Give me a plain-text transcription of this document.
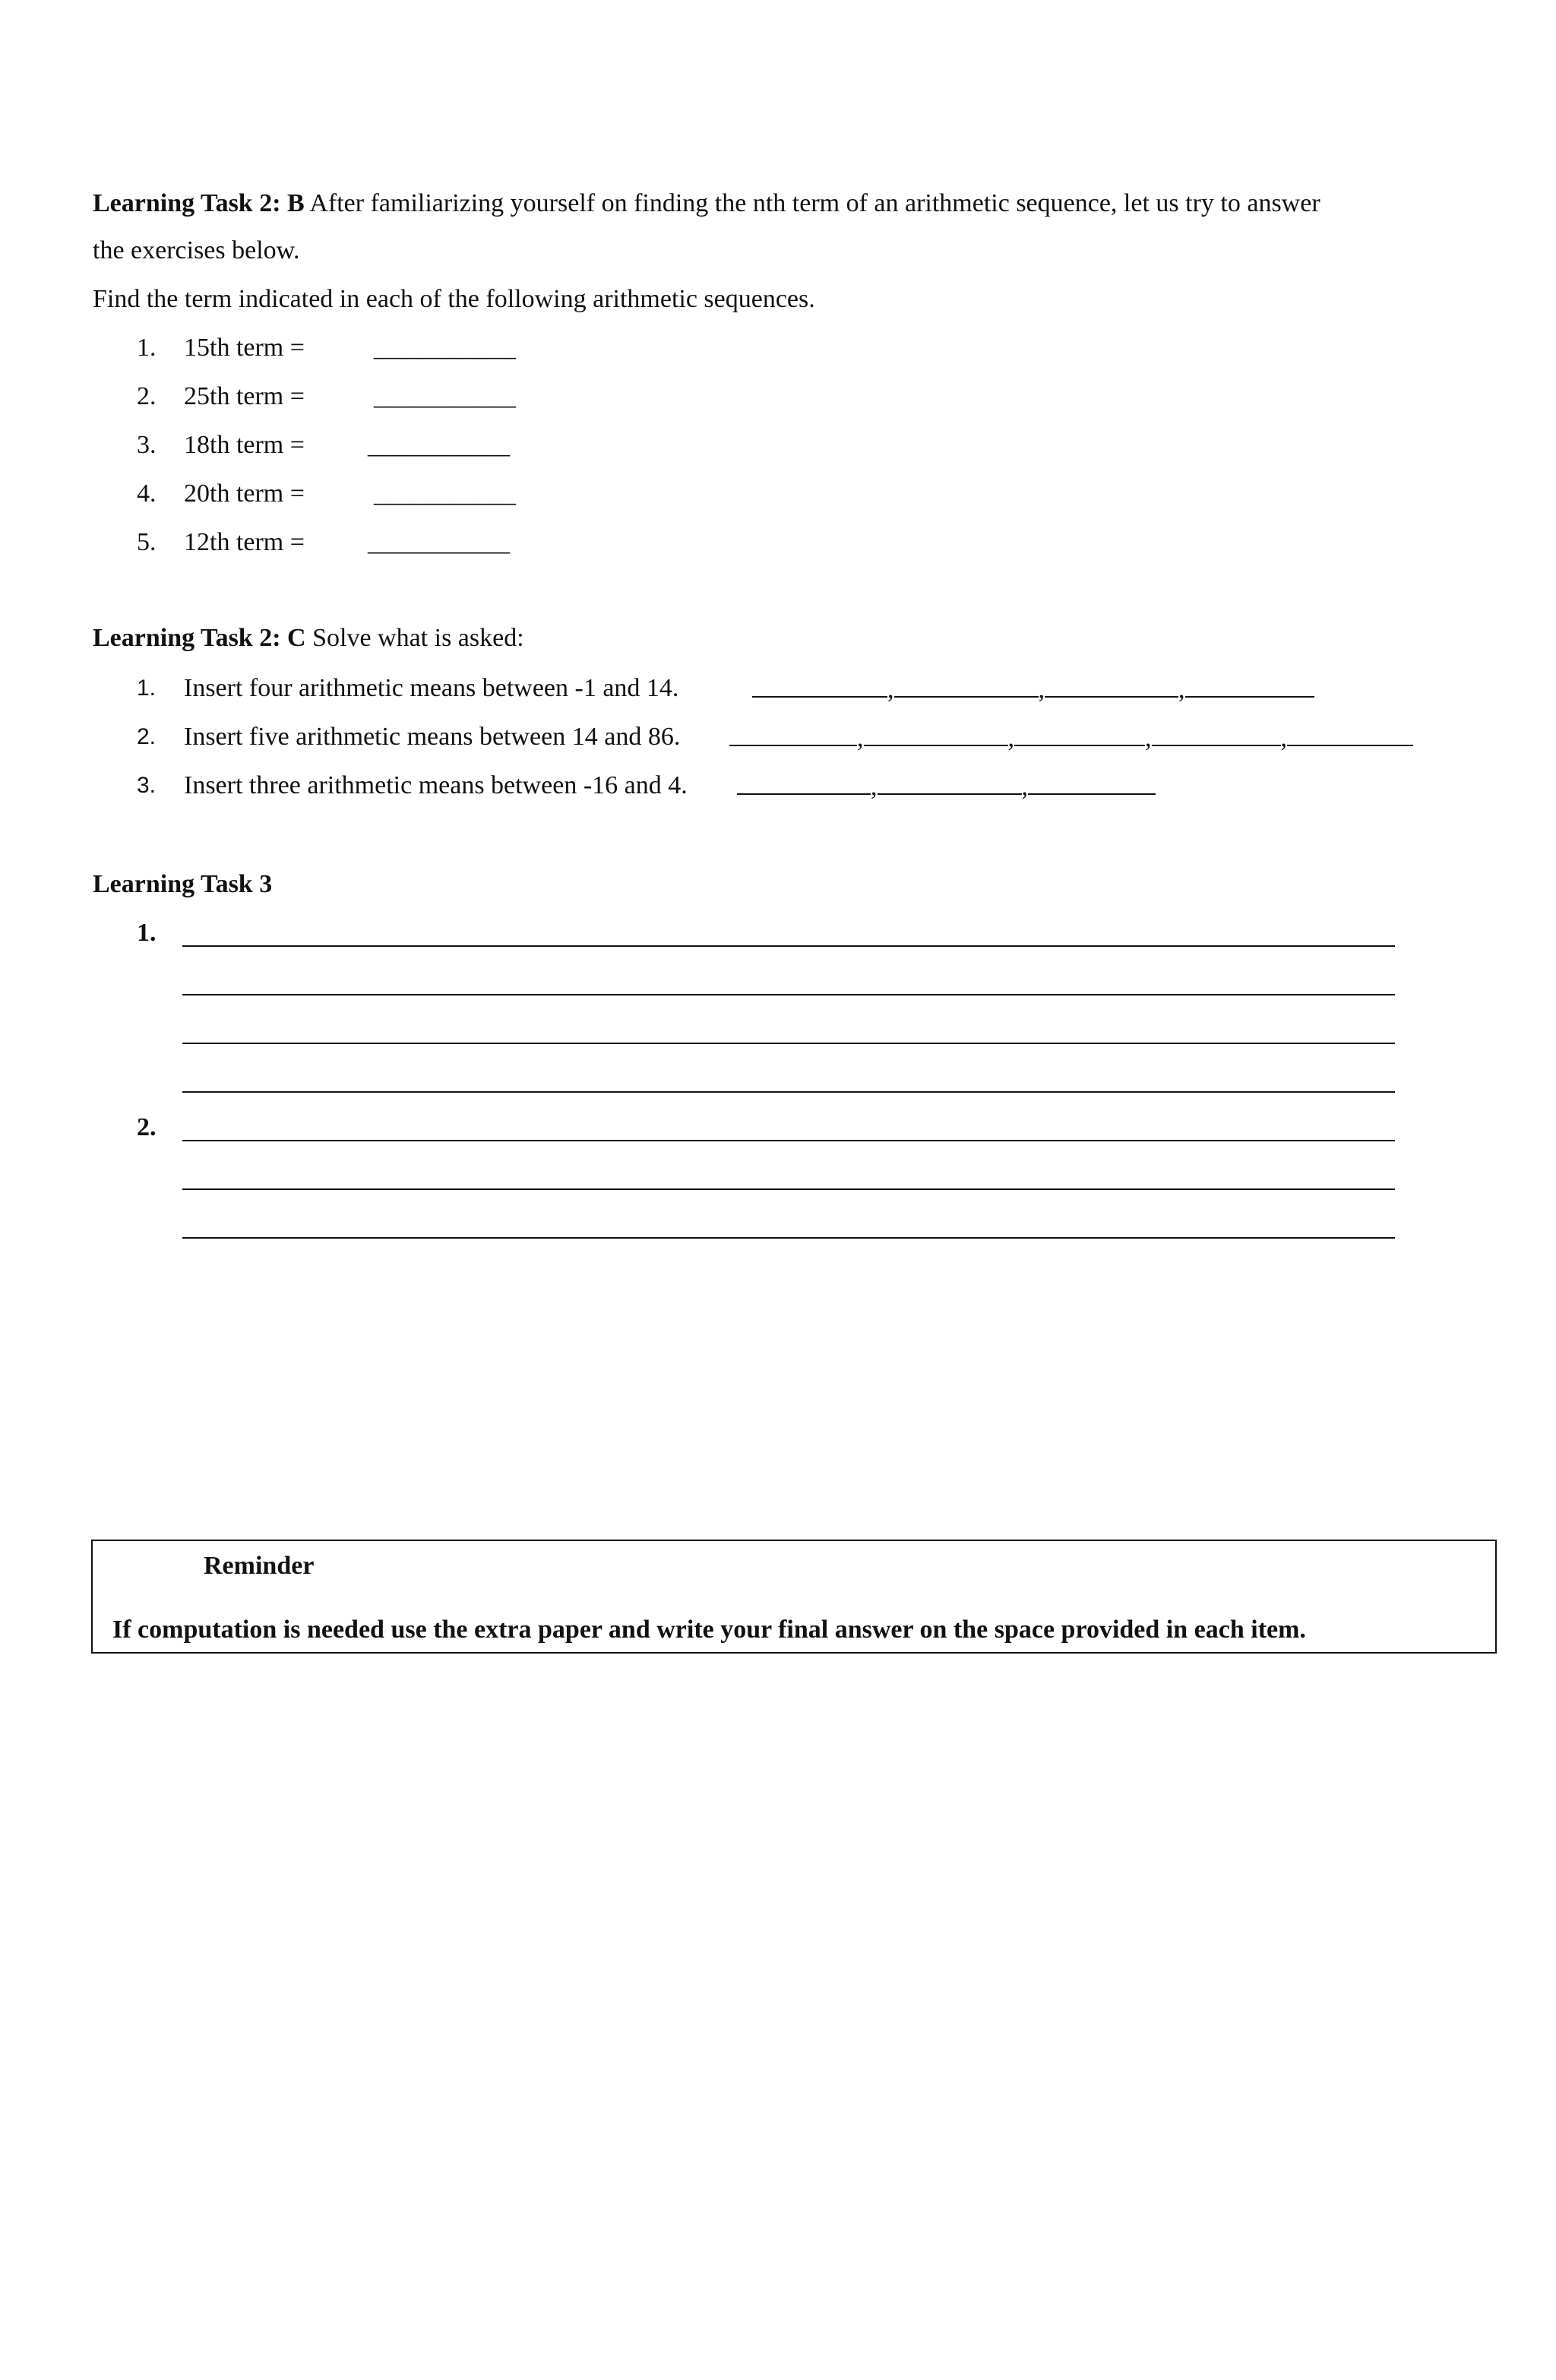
Learning Task 2: B After familiarizing yourself on finding the nth term of an arithmetic sequence, let us try to answer
the exercises below.
Find the term indicated in each of the following arithmetic sequences.
1. 15th term =	___________
2. 25th term =	___________
3. 18th term = ___________
4. 20th term =	___________
5. 12th term = ___________
Learning Task 2: C Solve what is asked:
1. Insert four arithmetic means between -1 and 14.	,	,	,
2. Insert five arithmetic means between 14 and 86.	,	,	,	,
3. Insert three arithmetic means between -16 and 4.	,	,
Learning Task 3
1.
2.
Reminder
If computation is needed use the extra paper and write your final answer on the space provided in each item.
